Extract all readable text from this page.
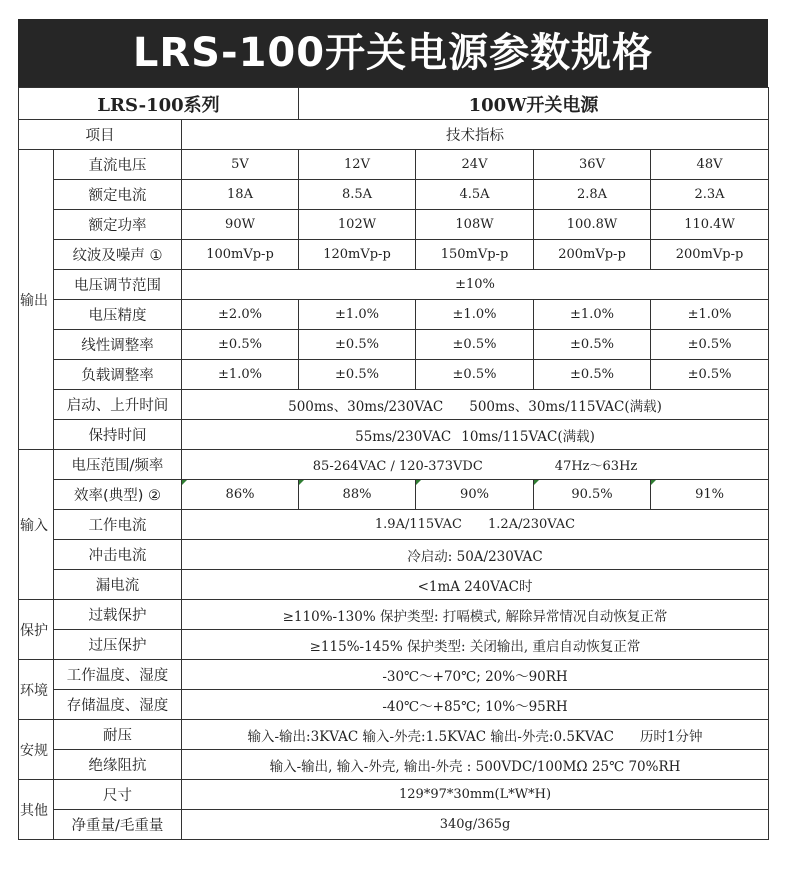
LRS-100开关电源参数规格
LRS-100系列			100W开关电源			
项目		技术指标				
输出	直流电压	5V	12V	24V	36V	48V
	额定电流	18A	8.5A	4.5A	2.8A	2.3A
	额定功率	90W	102W	108W	100.8W	110.4W
	纹波及噪声 ①	100mVp-p	120mVp-p	150mVp-p	200mVp-p	200mVp-p
	电压调节范围	±10%				
	电压精度	±2.0%	±1.0%	±1.0%	±1.0%	±1.0%
	线性调整率	±0.5%	±0.5%	±0.5%	±0.5%	±0.5%
	负载调整率	±1.0%	±0.5%	±0.5%	±0.5%	±0.5%
	启动、上升时间	500ms、30ms/230VAC 500ms、30ms/115VAC(满载)				
	保持时间	55ms/230VAC 10ms/115VAC(满载)				
输入	电压范围/频率	85-264VAC / 120-373VDC 47Hz～63Hz				
	效率(典型) ②	86%	88%	90%	90.5%	91%
	工作电流	1.9A/115VAC 1.2A/230VAC				
	冲击电流	冷启动: 50A/230VAC				
	漏电流	<1mA 240VAC时				
保护	过载保护	≥110%-130% 保护类型: 打嗝模式, 解除异常情况自动恢复正常				
	过压保护	≥115%-145% 保护类型: 关闭输出, 重启自动恢复正常				
环境	工作温度、湿度	-30℃～+70℃; 20%～90RH				
	存储温度、湿度	-40℃～+85℃; 10%～95RH				
安规	耐压	输入-输出:3KVAC 输入-外壳:1.5KVAC 输出-外壳:0.5KVAC 历时1分钟				
	绝缘阻抗	输入-输出, 输入-外壳, 输出-外壳 : 500VDC/100MΩ 25℃ 70%RH				
其他	尺寸	129*97*30mm(L*W*H)				
	净重量/毛重量	340g/365g				
